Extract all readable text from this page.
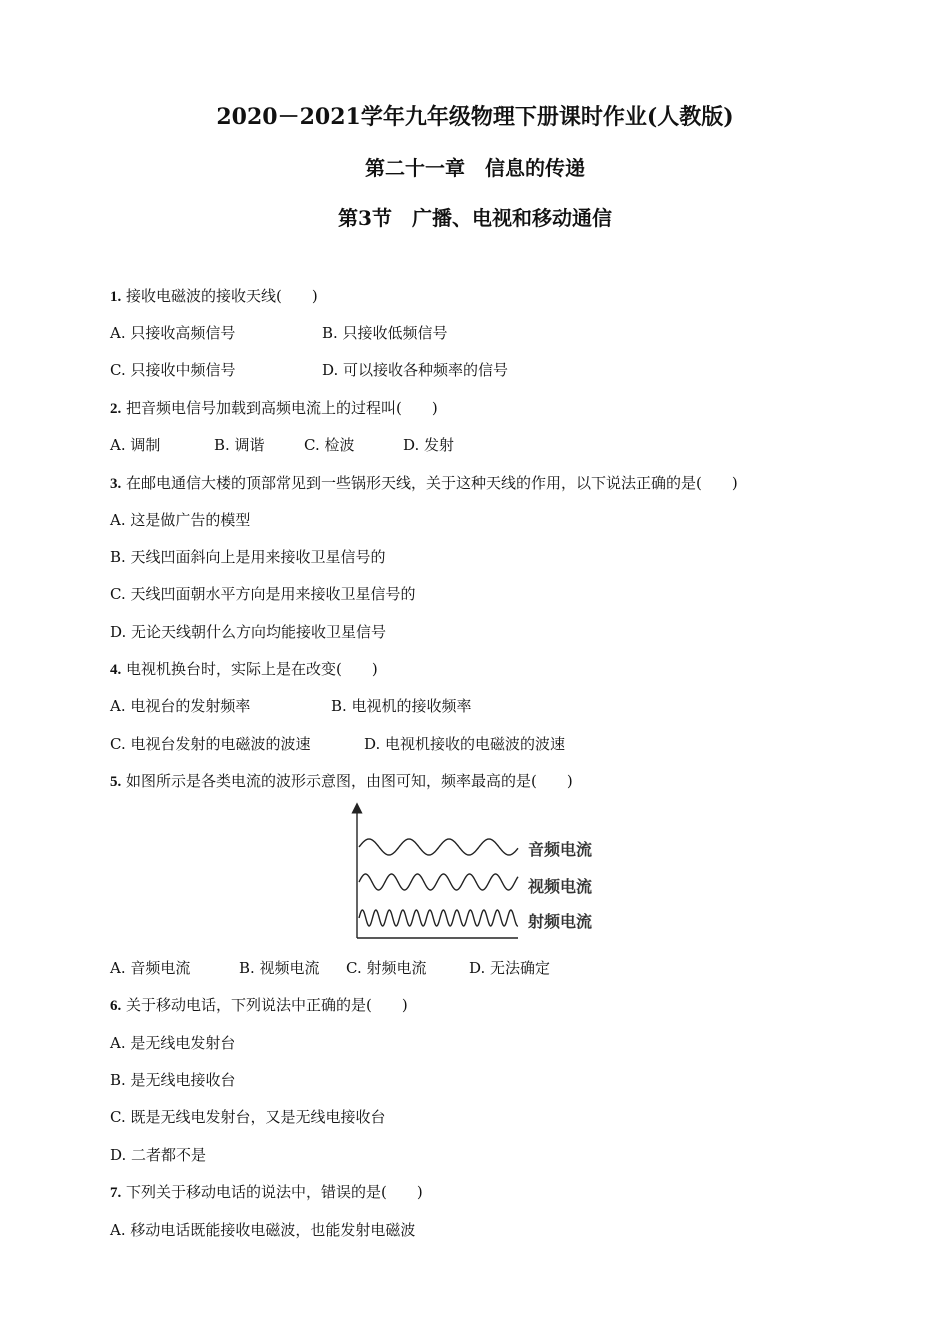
2020－2021学年九年级物理下册课时作业(人教版)
第二十一章　信息的传递
第3节　广播、电视和移动通信
1. 接收电磁波的接收天线(　　)

A. 只接收高频信号

	B. 只接收低频信号

C. 只接收中频信号

	D. 可以接收各种频率的信号

2. 把音频电信号加载到高频电流上的过程叫(　　)

A. 调制

	B. 调谐

	C. 检波

	D. 发射

3. 在邮电通信大楼的顶部常见到一些锅形天线，关于这种天线的作用，以下说法正确的是(　　)
A. 这是做广告的模型
B. 天线凹面斜向上是用来接收卫星信号的
C. 天线凹面朝水平方向是用来接收卫星信号的
D. 无论天线朝什么方向均能接收卫星信号
4. 电视机换台时，实际上是在改变(　　)

A. 电视台的发射频率

	B. 电视机的接收频率

C. 电视台发射的电磁波的波速

	D. 电视机接收的电磁波的波速

5. 如图所示是各类电流的波形示意图，由图可知，频率最高的是(　　)
音频电流
视频电流
射频电流

A. 音频电流

	B. 视频电流

C. 射频电流

	D. 无法确定

6. 关于移动电话，下列说法中正确的是(　　)
A. 是无线电发射台
B. 是无线电接收台
C. 既是无线电发射台，又是无线电接收台
D. 二者都不是
7. 下列关于移动电话的说法中，错误的是(　　)
A. 移动电话既能接收电磁波，也能发射电磁波
